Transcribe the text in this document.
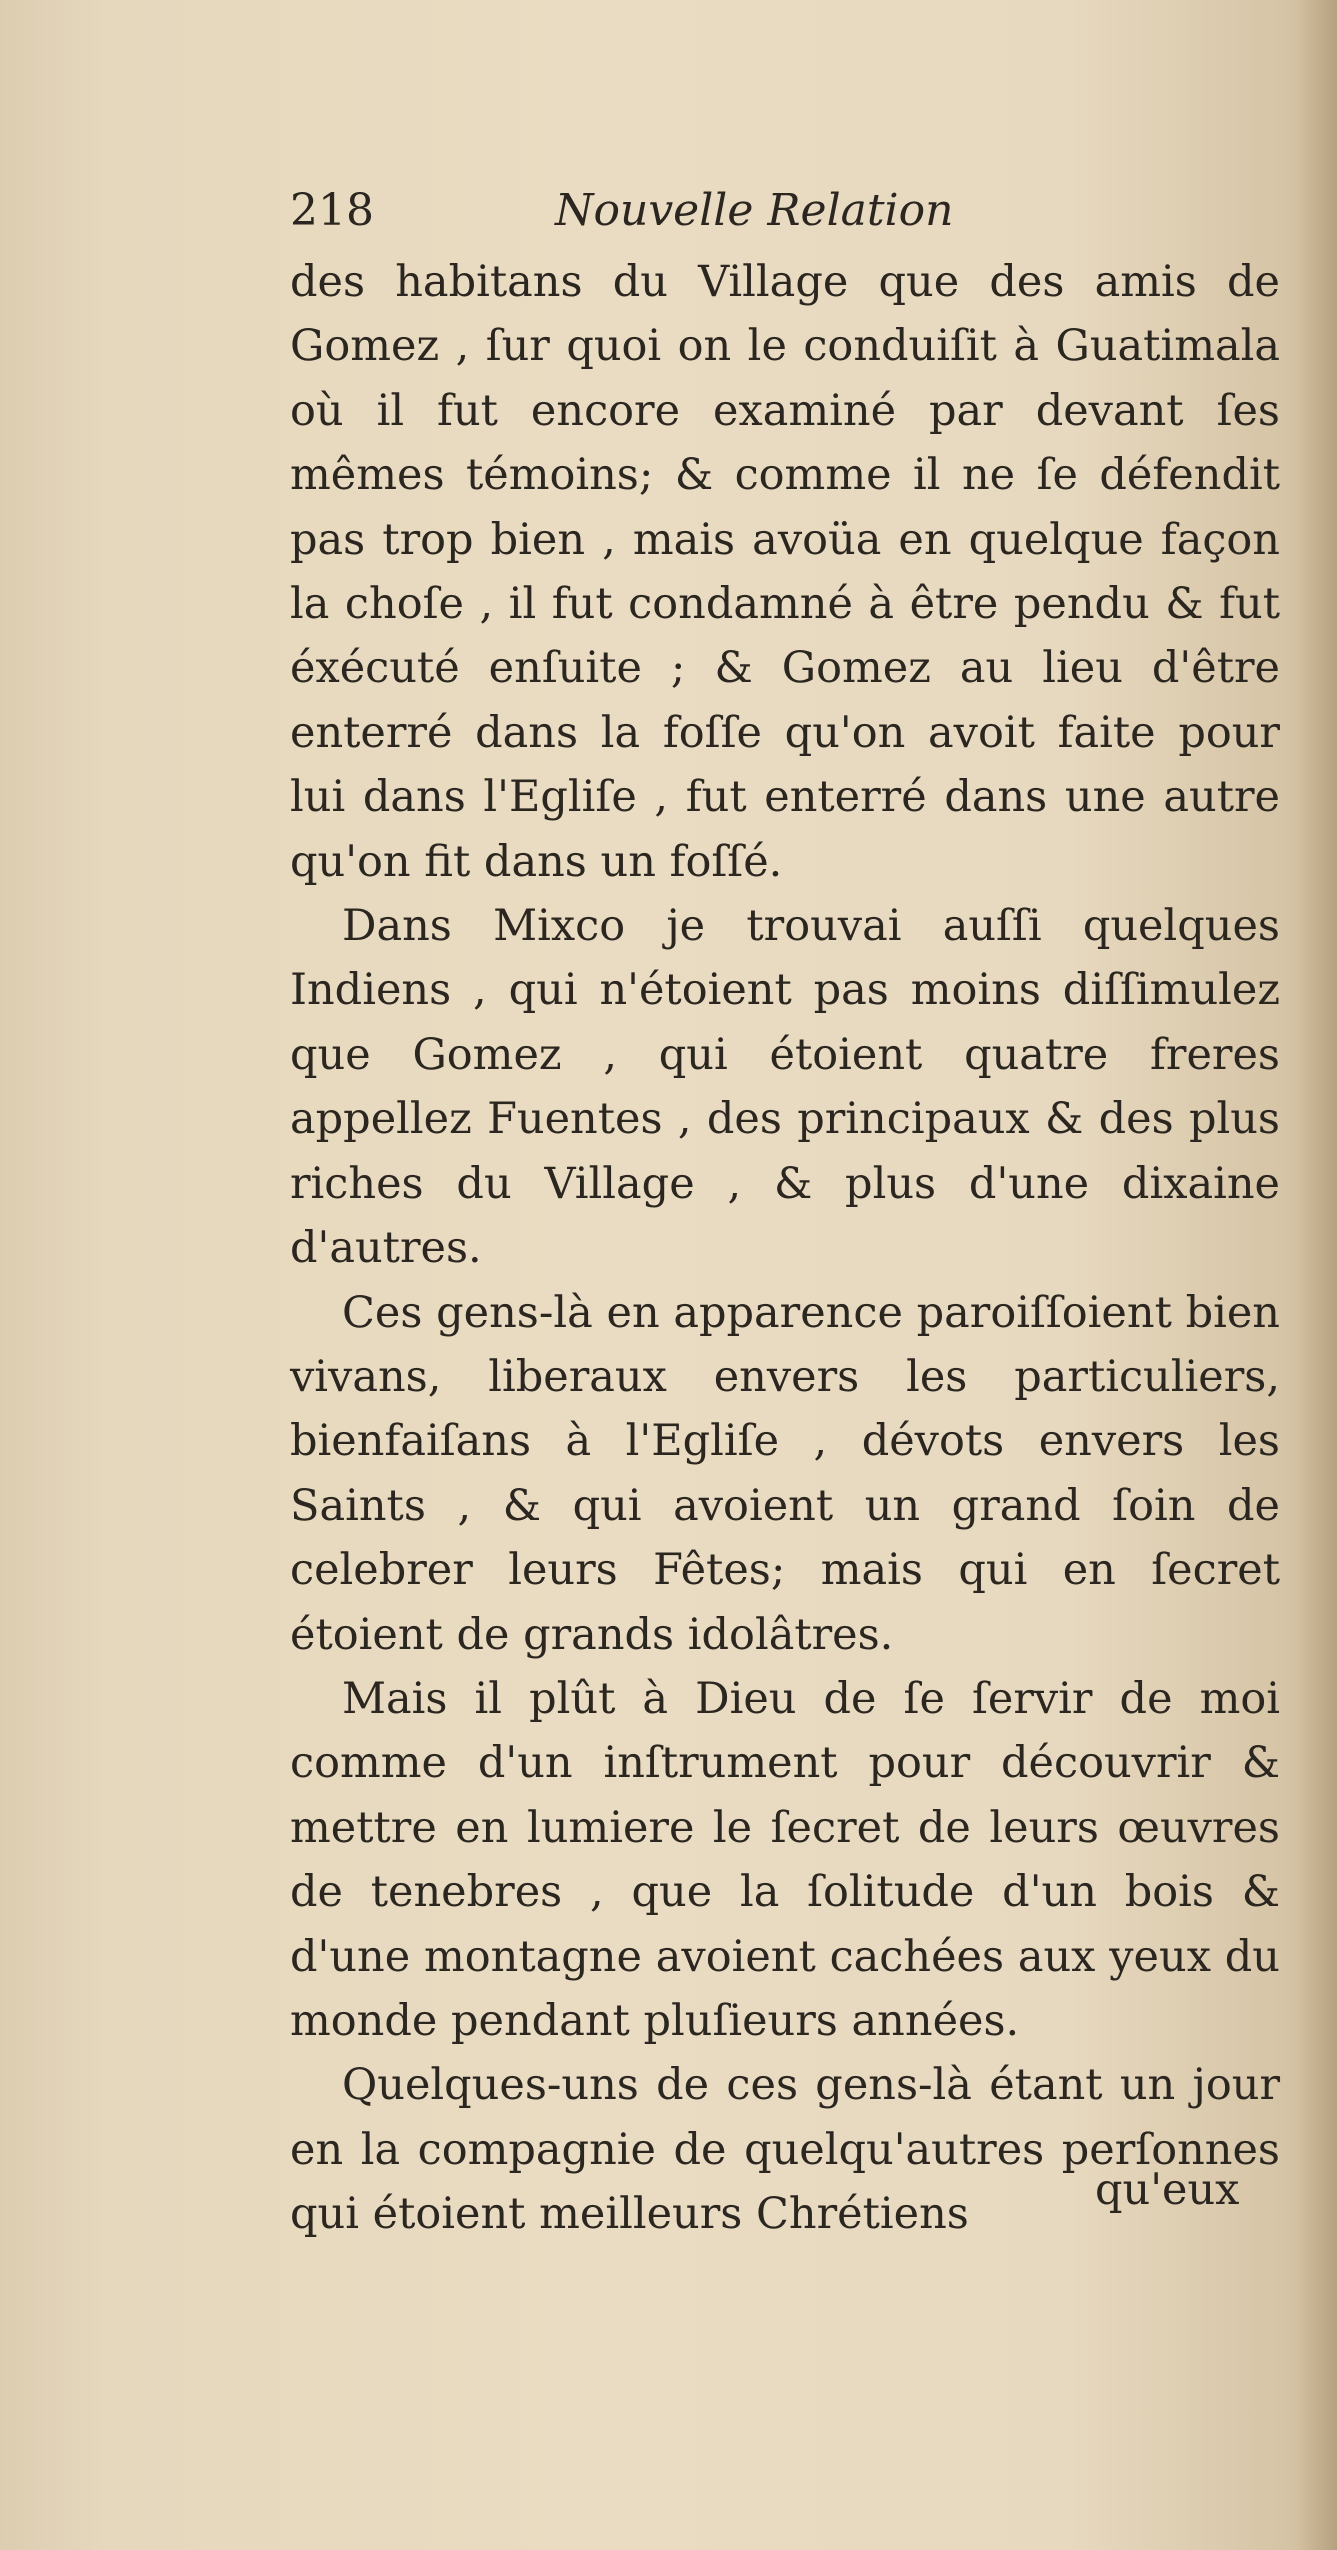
218	Nouvelle Relation

des habitans du Village que des amis de Gomez , ſur quoi on le conduiſit à Guatimala où il fut encore examiné par devant ſes mêmes témoins; & comme il ne ſe défendit pas trop bien , mais avoüa en quelque façon la choſe , il fut condamné à être pendu & fut éxécuté enſuite ; & Gomez au lieu d'être enterré dans la foſſe qu'on avoit faite pour lui dans l'Egliſe , fut enterré dans une autre qu'on fit dans un foſſé.

Dans Mixco je trouvai auſſi quelques Indiens , qui n'étoient pas moins diſſimulez que Gomez , qui étoient quatre freres appellez Fuentes , des principaux & des plus riches du Village , & plus d'une dixaine d'autres.

Ces gens-là en apparence paroiſſoient bien vivans, liberaux envers les particuliers, bienfaiſans à l'Egliſe , dévots envers les Saints , & qui avoient un grand ſoin de celebrer leurs Fêtes; mais qui en ſecret étoient de grands idolâtres.

Mais il plût à Dieu de ſe ſervir de moi comme d'un inſtrument pour découvrir & mettre en lumiere le ſecret de leurs œuvres de tenebres , que la ſolitude d'un bois & d'une montagne avoient cachées aux yeux du monde pendant pluſieurs années.

Quelques-uns de ces gens-là étant un jour en la compagnie de quelqu'autres perſonnes qui étoient meilleurs Chrétiens	qu'eux
